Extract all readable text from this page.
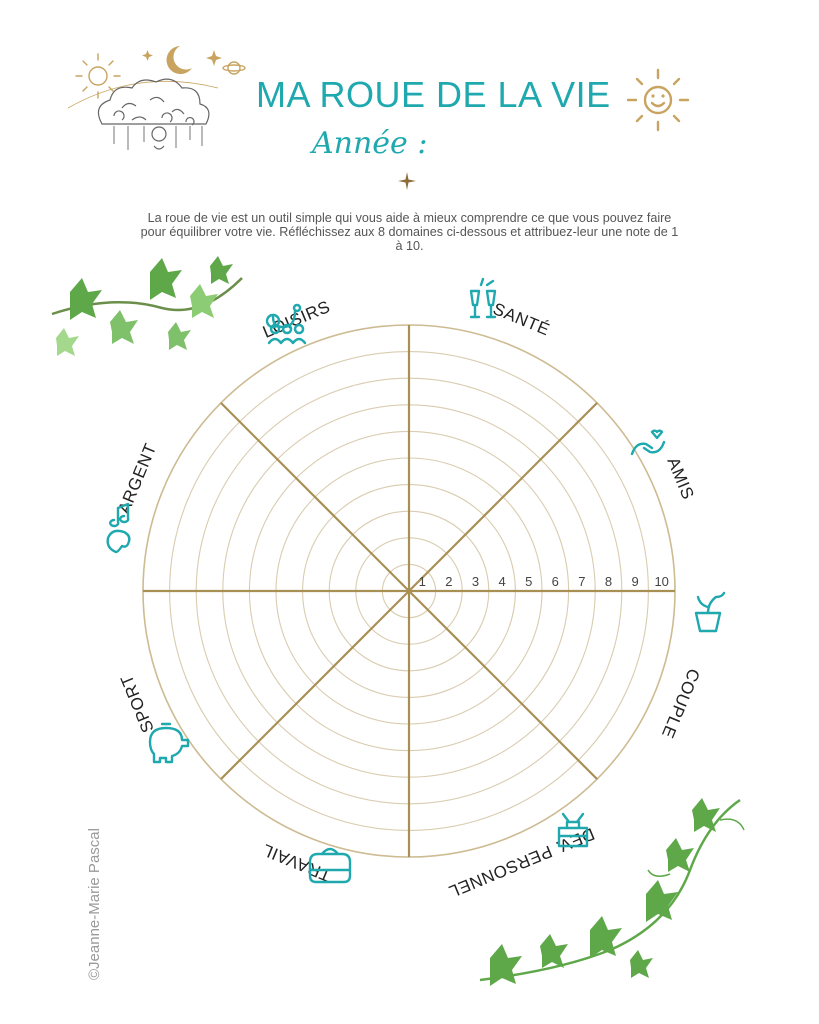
MA ROUE DE LA VIE
Année :

La roue de vie est un outil simple qui vous aide à mieux comprendre ce que vous pouvez faire pour équilibrer votre vie. Réfléchissez aux 8 domaines ci-dessous et attribuez-leur une note de 1 à 10.

©Jeanne-Marie Pascal
1 2 3 4 5 6 7 8 9 10
SANTÉ
AMIS
COUPLE
DEV. PERSONNEL
TRAVAIL
SPORT
ARGENT
LOISIRS
